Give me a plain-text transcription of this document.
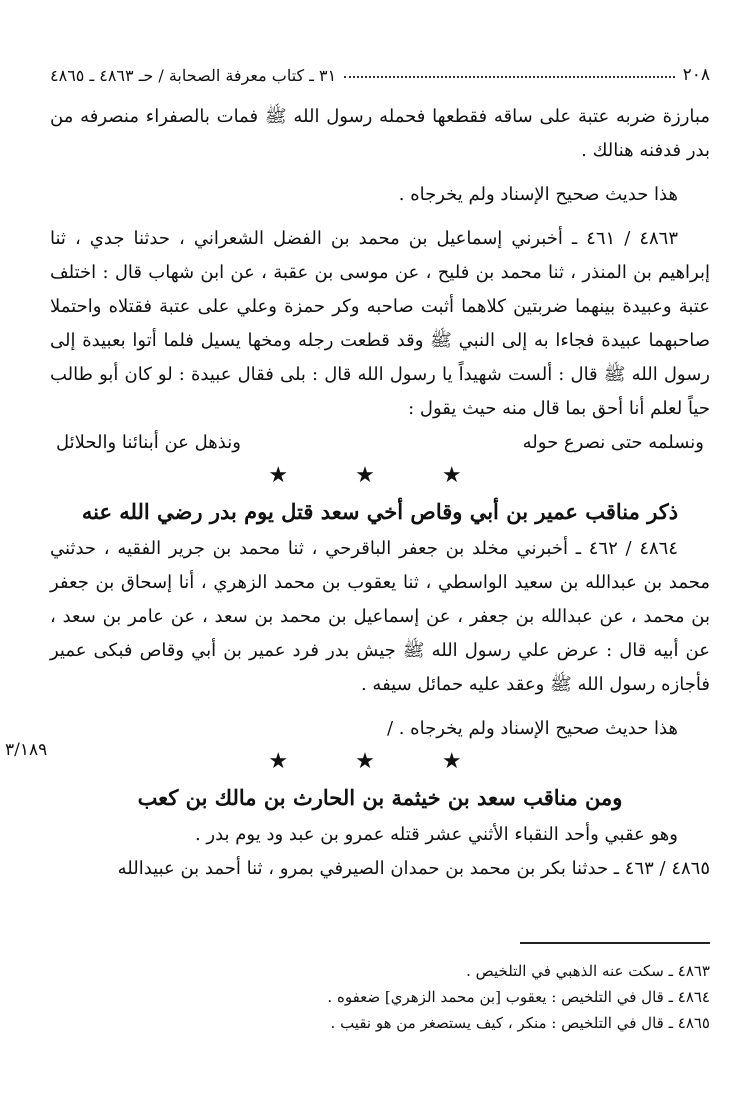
٢٠٨
٣١ ـ كتاب معرفة الصحابة / حـ ٤٨٦٣ ـ ٤٨٦٥

مبارزة ضربه عتبة على ساقه فقطعها فحمله رسول الله ﷺ فمات بالصفراء منصرفه من بدر فدفنه هنالك .

هذا حديث صحيح الإسناد ولم يخرجاه .

٤٨٦٣ / ٤٦١ ـ أخبرني إسماعيل بن محمد بن الفضل الشعراني ، حدثنا جدي ، ثنا إبراهيم بن المنذر ، ثنا محمد بن فليح ، عن موسى بن عقبة ، عن ابن شهاب قال : اختلف عتبة وعبيدة بينهما ضربتين كلاهما أثبت صاحبه وكر حمزة وعلي على عتبة فقتلاه واحتملا صاحبهما عبيدة فجاءا به إلى النبي ﷺ وقد قطعت رجله ومخها يسيل فلما أتوا بعبيدة إلى رسول الله ﷺ قال : ألست شهيداً يا رسول الله قال : بلى فقال عبيدة : لو كان أبو طالب حياً لعلم أنا أحق بما قال منه حيث يقول :

ونسلمه حتى نصرع حوله
ونذهل عن أبنائنا والحلائل
★ ★ ★
ذكر مناقب عمير بن أبي وقاص أخي سعد ‏قتل يوم بدر رضي الله عنه

٤٨٦٤ / ٤٦٢ ـ أخبرني مخلد بن جعفر الباقرحي ، ثنا محمد بن جرير الفقيه ، حدثني محمد بن عبدالله بن سعيد الواسطي ، ثنا يعقوب بن محمد الزهري ، أنا إسحاق بن جعفر بن محمد ، عن عبدالله بن جعفر ، عن إسماعيل بن محمد بن سعد ، عن عامر بن سعد ، عن أبيه قال : عرض علي رسول الله ﷺ جيش بدر فرد عمير بن أبي وقاص فبكى عمير فأجازه رسول الله ﷺ وعقد عليه حمائل سيفه .

هذا حديث صحيح الإسناد ولم يخرجاه . /

★ ★ ★
ومن مناقب سعد بن خيثمة بن الحارث بن مالك بن كعب

وهو عقبي وأحد النقباء الأثني عشر قتله عمرو بن عبد ود يوم بدر .

٤٨٦٥ / ٤٦٣ ـ حدثنا بكر بن محمد بن حمدان الصيرفي بمرو ، ثنا أحمد بن عبيدالله

٤٨٦٣ ـ سكت عنه الذهبي في التلخيص .
٤٨٦٤ ـ قال في التلخيص : يعقوب [بن محمد الزهري] ضعفوه .
٤٨٦٥ ـ قال في التلخيص : منكر ، كيف يستصغر من هو نقيب .
٣/١٨٩
